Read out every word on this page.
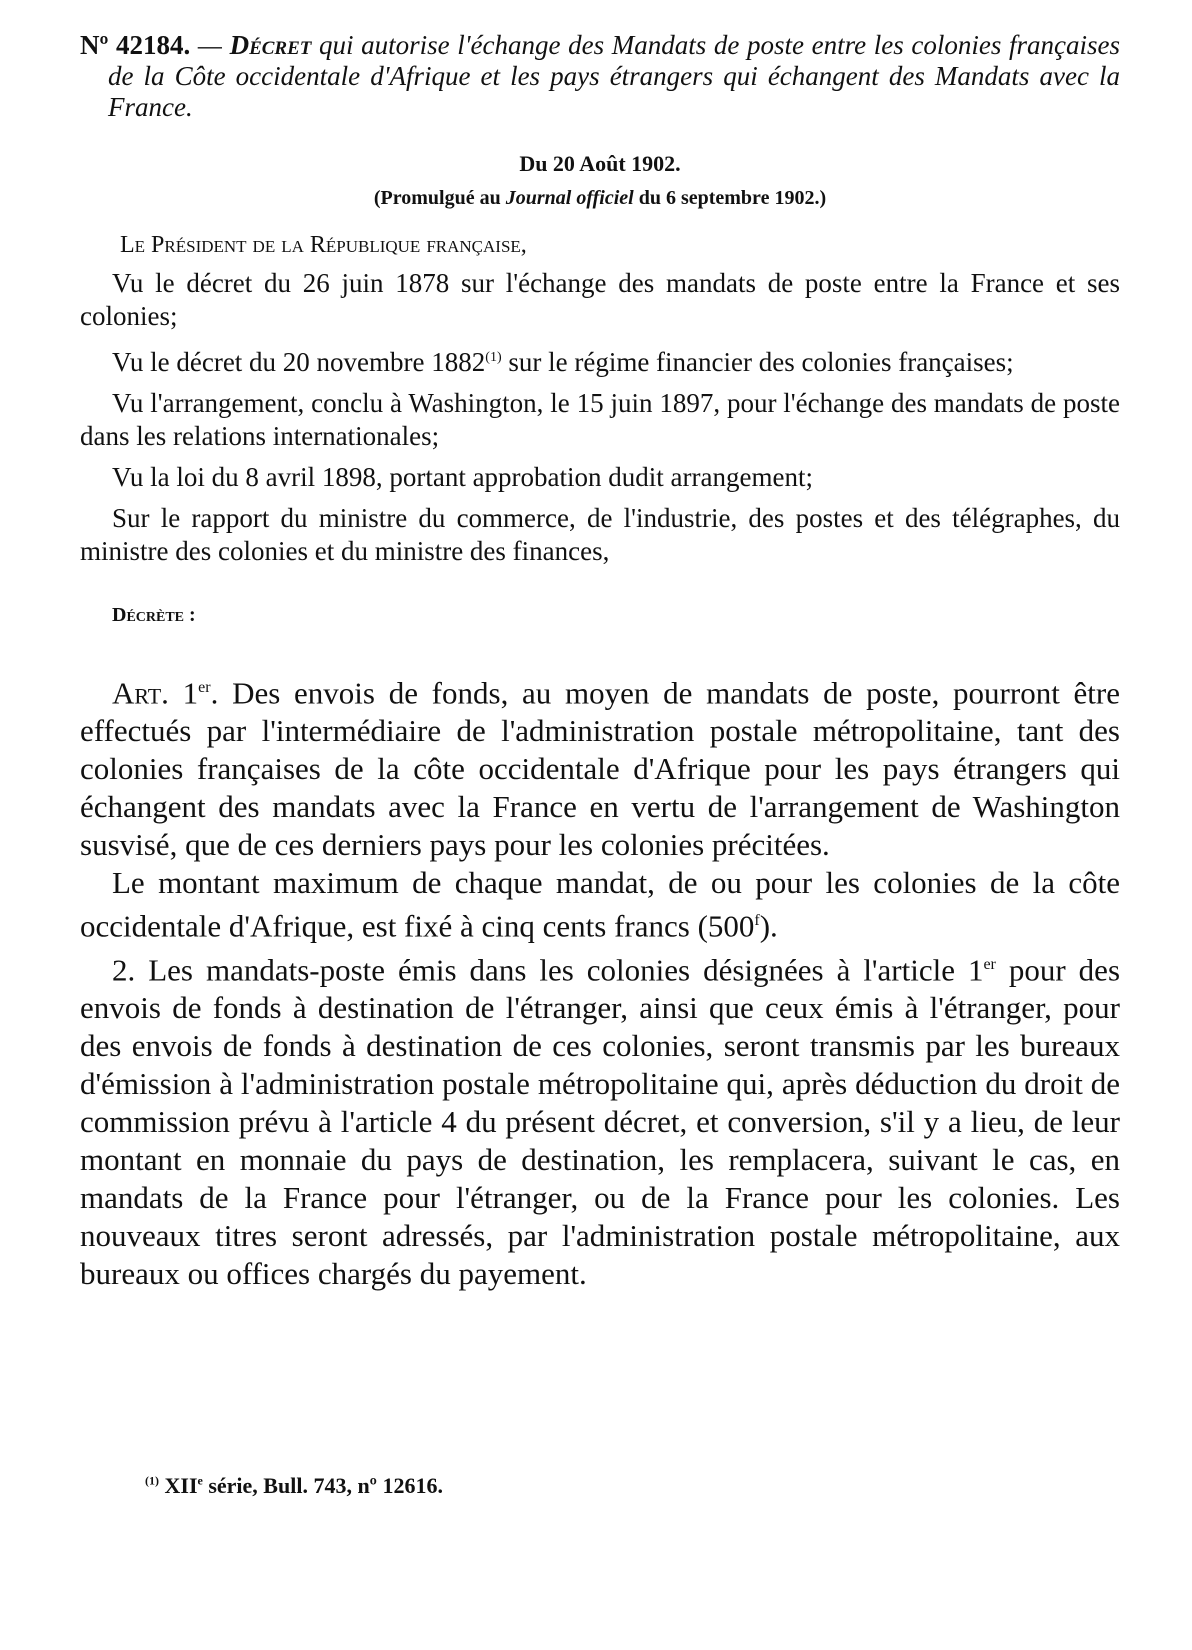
Nº 42184. — Décret qui autorise l'échange des Mandats de poste entre les colonies françaises de la Côte occidentale d'Afrique et les pays étrangers qui échangent des Mandats avec la France.
Du 20 Août 1902.
(Promulgué au Journal officiel du 6 septembre 1902.)
Le Président de la République française,

Vu le décret du 26 juin 1878 sur l'échange des mandats de poste entre la France et ses colonies;

Vu le décret du 20 novembre 1882$^{(1)}$ sur le régime financier des colonies françaises;

Vu l'arrangement, conclu à Washington, le 15 juin 1897, pour l'échange des mandats de poste dans les relations internationales;

Vu la loi du 8 avril 1898, portant approbation dudit arrangement;

Sur le rapport du ministre du commerce, de l'industrie, des postes et des télégraphes, du ministre des colonies et du ministre des finances,

Décrète :

Art. 1er. Des envois de fonds, au moyen de mandats de poste, pourront être effectués par l'intermédiaire de l'administration postale métropolitaine, tant des colonies françaises de la côte occidentale d'Afrique pour les pays étrangers qui échangent des mandats avec la France en vertu de l'arrangement de Washington susvisé, que de ces derniers pays pour les colonies précitées.

Le montant maximum de chaque mandat, de ou pour les colonies de la côte occidentale d'Afrique, est fixé à cinq cents francs (500$^f$).

2. Les mandats-poste émis dans les colonies désignées à l'article 1er pour des envois de fonds à destination de l'étranger, ainsi que ceux émis à l'étranger, pour des envois de fonds à destination de ces colonies, seront transmis par les bureaux d'émission à l'administration postale métropolitaine qui, après déduction du droit de commission prévu à l'article 4 du présent décret, et conversion, s'il y a lieu, de leur montant en monnaie du pays de destination, les remplacera, suivant le cas, en mandats de la France pour l'étranger, ou de la France pour les colonies. Les nouveaux titres seront adressés, par l'administration postale métropolitaine, aux bureaux ou offices chargés du payement.

$^{(1)}$ XIIe série, Bull. 743, nº 12616.
